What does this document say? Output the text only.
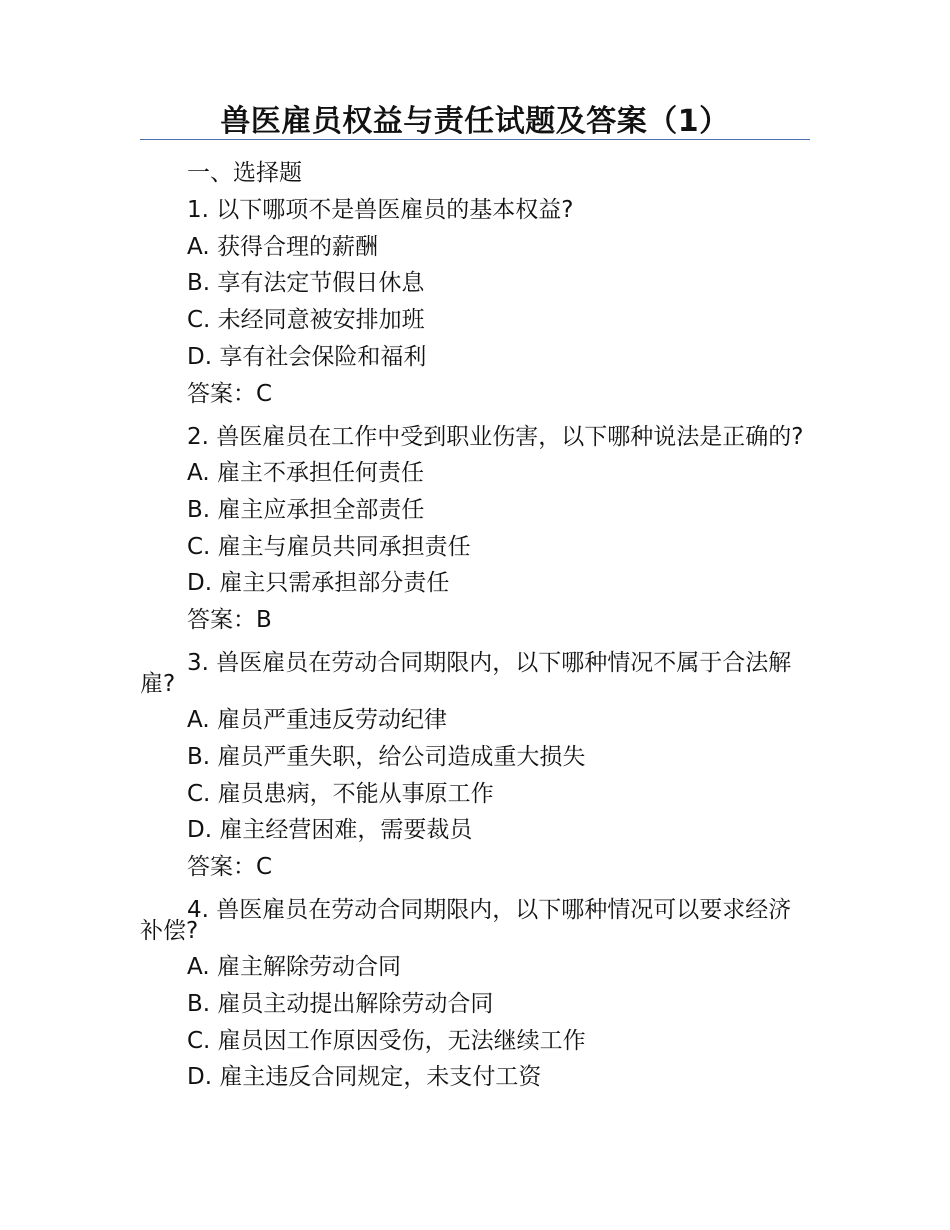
兽医雇员权益与责任试题及答案（1）
一、选择题
1. 以下哪项不是兽医雇员的基本权益?
A. 获得合理的薪酬
B. 享有法定节假日休息
C. 未经同意被安排加班
D. 享有社会保险和福利
答案：C
2. 兽医雇员在工作中受到职业伤害，以下哪种说法是正确的?
A. 雇主不承担任何责任
B. 雇主应承担全部责任
C. 雇主与雇员共同承担责任
D. 雇主只需承担部分责任
答案：B
3. 兽医雇员在劳动合同期限内，以下哪种情况不属于合法解雇?
A. 雇员严重违反劳动纪律
B. 雇员严重失职，给公司造成重大损失
C. 雇员患病，不能从事原工作
D. 雇主经营困难，需要裁员
答案：C
4. 兽医雇员在劳动合同期限内，以下哪种情况可以要求经济补偿?
A. 雇主解除劳动合同
B. 雇员主动提出解除劳动合同
C. 雇员因工作原因受伤，无法继续工作
D. 雇主违反合同规定，未支付工资
